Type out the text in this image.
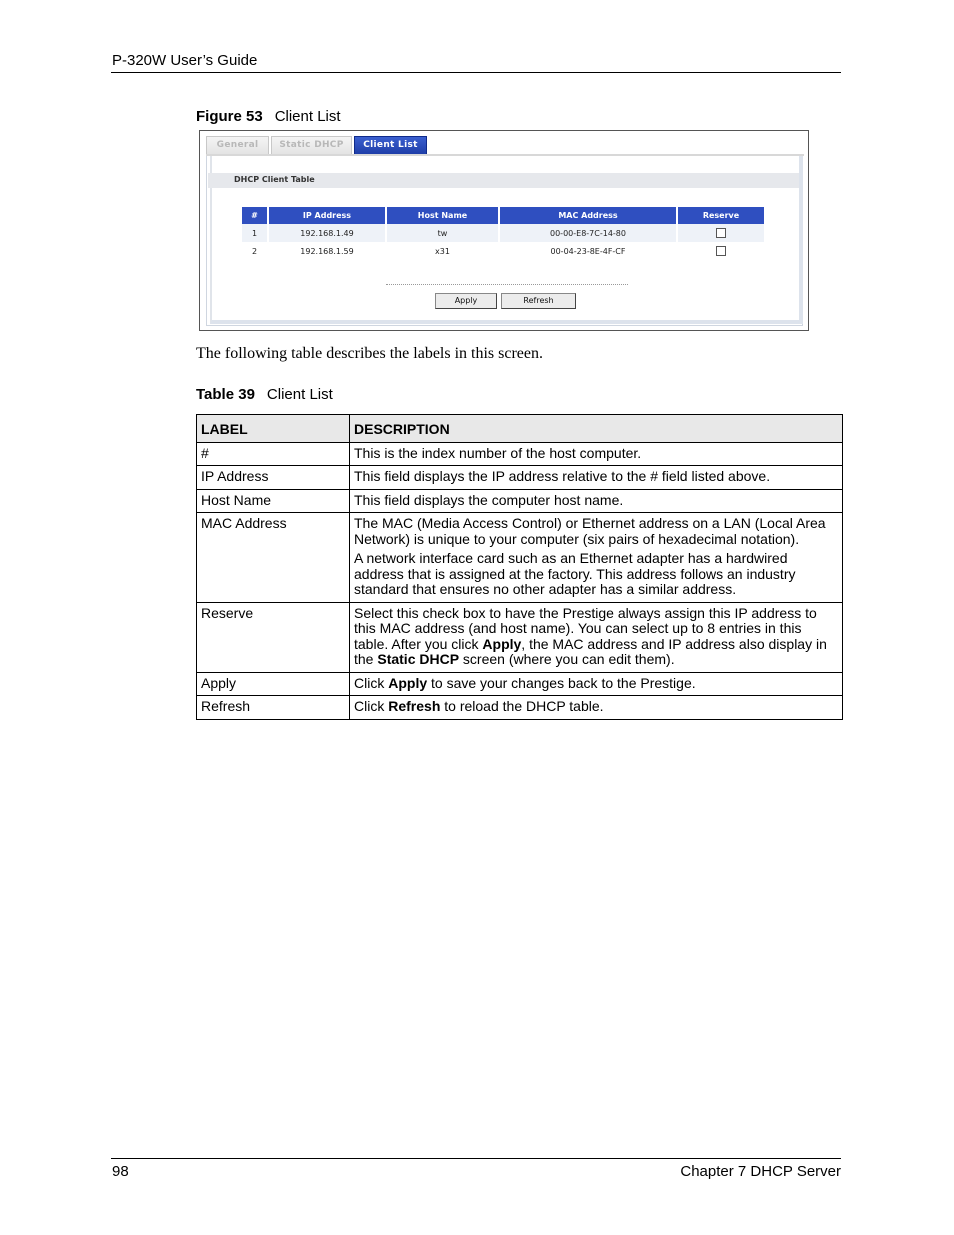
P-320W User’s Guide
Figure 53 Client List
General	Static DHCP	Client List
DHCP Client Table
#	IP Address	Host Name	MAC Address	Reserve
1	192.168.1.49	tw	00-00-E8-7C-14-80	
2	192.168.1.59	x31	00-04-23-8E-4F-CF	
Apply	Refresh
The following table describes the labels in this screen.
Table 39 Client List
LABEL	DESCRIPTION
#	This is the index number of the host computer.
IP Address	This field displays the IP address relative to the # field listed above.
Host Name	This field displays the computer host name.
MAC Address	The MAC (Media Access Control) or Ethernet address on a LAN (Local Area Network) is unique to your computer (six pairs of hexadecimal notation).

A network interface card such as an Ethernet adapter has a hardwired address that is assigned at the factory. This address follows an industry standard that ensures no other adapter has a similar address.

Reserve	Select this check box to have the Prestige always assign this IP address to this MAC address (and host name). You can select up to 8 entries in this table. After you click Apply, the MAC address and IP address also display in the Static DHCP screen (where you can edit them).
Apply	Click Apply to save your changes back to the Prestige.
Refresh	Click Refresh to reload the DHCP table.
98	Chapter 7 DHCP Server
